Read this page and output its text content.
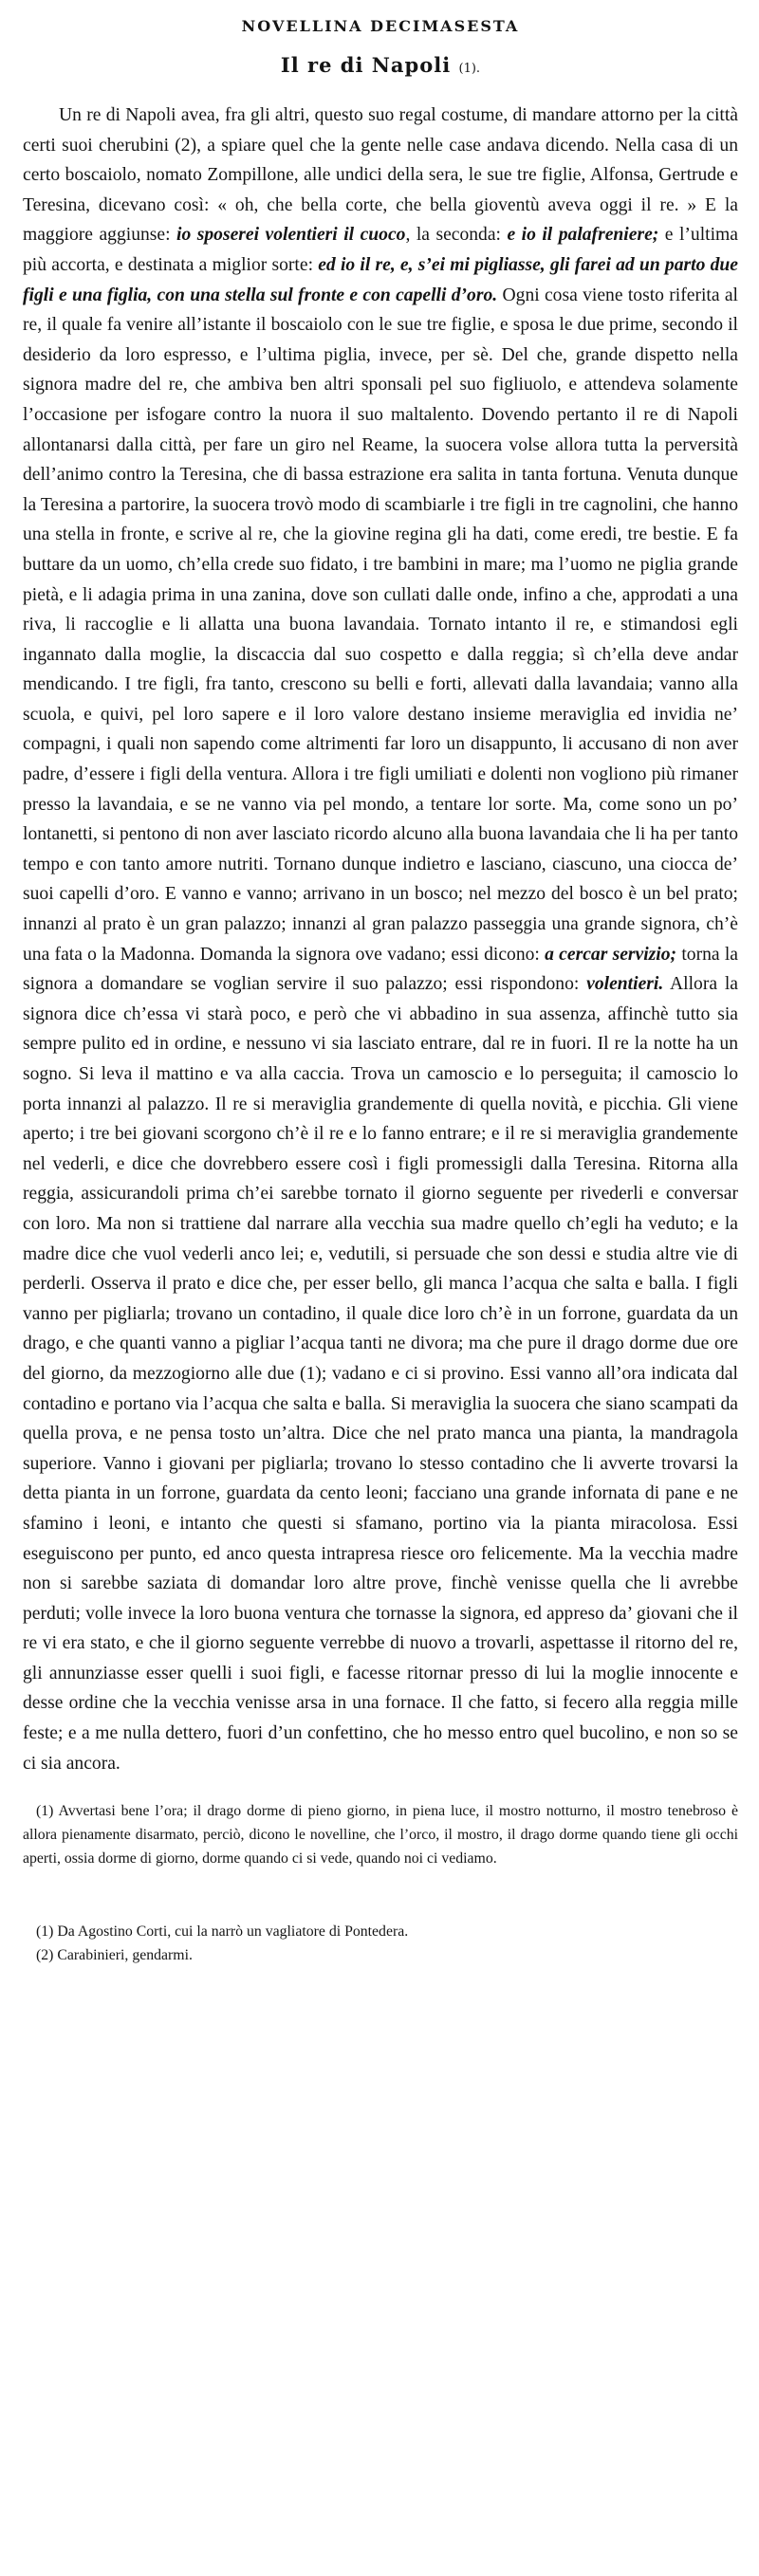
NOVELLINA DECIMASESTA
Il re di Napoli (1).

Un re di Napoli avea, fra gli altri, questo suo regal costume, di mandare attorno per la città certi suoi cherubini (2), a spiare quel che la gente nelle case andava dicendo. Nella casa di un certo boscaiolo, nomato Zompillone, alle undici della sera, le sue tre figlie, Alfonsa, Gertrude e Teresina, dicevano così: « oh, che bella corte, che bella gioventù aveva oggi il re. » E la maggiore aggiunse: io sposerei volentieri il cuoco, la seconda: e io il palafreniere; e l’ultima più accorta, e destinata a miglior sorte: ed io il re, e, s’ei mi pigliasse, gli farei ad un parto due figli e una figlia, con una stella sul fronte e con capelli d’oro. Ogni cosa viene tosto riferita al re, il quale fa venire all’istante il boscaiolo con le sue tre figlie, e sposa le due prime, secondo il desiderio da loro espresso, e l’ultima piglia, invece, per sè. Del che, grande dispetto nella signora madre del re, che ambiva ben altri sponsali pel suo figliuolo, e attendeva solamente l’occasione per isfogare contro la nuora il suo maltalento. Dovendo pertanto il re di Napoli allontanarsi dalla città, per fare un giro nel Reame, la suocera volse allora tutta la perversità dell’animo contro la Teresina, che di bassa estrazione era salita in tanta fortuna. Venuta dunque la Teresina a partorire, la suocera trovò modo di scambiarle i tre figli in tre cagnolini, che hanno una stella in fronte, e scrive al re, che la giovine regina gli ha dati, come eredi, tre bestie. E fa buttare da un uomo, ch’ella crede suo fidato, i tre bambini in mare; ma l’uomo ne piglia grande pietà, e li adagia prima in una zanina, dove son cullati dalle onde, infino a che, approdati a una riva, li raccoglie e li allatta una buona lavandaia. Tornato intanto il re, e stimandosi egli ingannato dalla moglie, la discaccia dal suo cospetto e dalla reggia; sì ch’ella deve andar mendicando. I tre figli, fra tanto, crescono su belli e forti, allevati dalla lavandaia; vanno alla scuola, e quivi, pel loro sapere e il loro valore destano insieme meraviglia ed invidia ne’ compagni, i quali non sapendo come altrimenti far loro un disappunto, li accusano di non aver padre, d’essere i figli della ventura. Allora i tre figli umiliati e dolenti non vogliono più rimaner presso la lavandaia, e se ne vanno via pel mondo, a tentare lor sorte. Ma, come sono un po’ lontanetti, si pentono di non aver lasciato ricordo alcuno alla buona lavandaia che li ha per tanto tempo e con tanto amore nutriti. Tornano dunque indietro e lasciano, ciascuno, una ciocca de’ suoi capelli d’oro. E vanno e vanno; arrivano in un bosco; nel mezzo del bosco è un bel prato; innanzi al prato è un gran palazzo; innanzi al gran palazzo passeggia una grande signora, ch’è una fata o la Madonna. Domanda la signora ove vadano; essi dicono: a cercar servizio; torna la signora a domandare se voglian servire il suo palazzo; essi rispondono: volentieri. Allora la signora dice ch’essa vi starà poco, e però che vi abbadino in sua assenza, affinchè tutto sia sempre pulito ed in ordine, e nessuno vi sia lasciato entrare, dal re in fuori. Il re la notte ha un sogno. Si leva il mattino e va alla caccia. Trova un camoscio e lo perseguita; il camoscio lo porta innanzi al palazzo. Il re si meraviglia grandemente di quella novità, e picchia. Gli viene aperto; i tre bei giovani scorgono ch’è il re e lo fanno entrare; e il re si meraviglia grandemente nel vederli, e dice che dovrebbero essere così i figli promessigli dalla Teresina. Ritorna alla reggia, assicurandoli prima ch’ei sarebbe tornato il giorno seguente per rivederli e conversar con loro. Ma non si trattiene dal narrare alla vecchia sua madre quello ch’egli ha veduto; e la madre dice che vuol vederli anco lei; e, vedutili, si persuade che son dessi e studia altre vie di perderli. Osserva il prato e dice che, per esser bello, gli manca l’acqua che salta e balla. I figli vanno per pigliarla; trovano un contadino, il quale dice loro ch’è in un forrone, guardata da un drago, e che quanti vanno a pigliar l’acqua tanti ne divora; ma che pure il drago dorme due ore del giorno, da mezzogiorno alle due (1); vadano e ci si provino. Essi vanno all’ora indicata dal contadino e portano via l’acqua che salta e balla. Si meraviglia la suocera che siano scampati da quella prova, e ne pensa tosto un’altra. Dice che nel prato manca una pianta, la mandragola superiore. Vanno i giovani per pigliarla; trovano lo stesso contadino che li avverte trovarsi la detta pianta in un forrone, guardata da cento leoni; facciano una grande infornata di pane e ne sfamino i leoni, e intanto che questi si sfamano, portino via la pianta miracolosa. Essi eseguiscono per punto, ed anco questa intrapresa riesce oro felicemente. Ma la vecchia madre non si sarebbe saziata di domandar loro altre prove, finchè venisse quella che li avrebbe perduti; volle invece la loro buona ventura che tornasse la signora, ed appreso da’ giovani che il re vi era stato, e che il giorno seguente verrebbe di nuovo a trovarli, aspettasse il ritorno del re, gli annunziasse esser quelli i suoi figli, e facesse ritornar presso di lui la moglie innocente e desse ordine che la vecchia venisse arsa in una fornace. Il che fatto, si fecero alla reggia mille feste; e a me nulla dettero, fuori d’un confettino, che ho messo entro quel bucolino, e non so se ci sia ancora.

(1) Avvertasi bene l’ora; il drago dorme di pieno giorno, in piena luce, il mostro notturno, il mostro tenebroso è allora pienamente disarmato, perciò, dicono le novelline, che l’orco, il mostro, il drago dorme quando tiene gli occhi aperti, ossia dorme di giorno, dorme quando ci si vede, quando noi ci vediamo.

(1) Da Agostino Corti, cui la narrò un vagliatore di Pontedera.

(2) Carabinieri, gendarmi.
